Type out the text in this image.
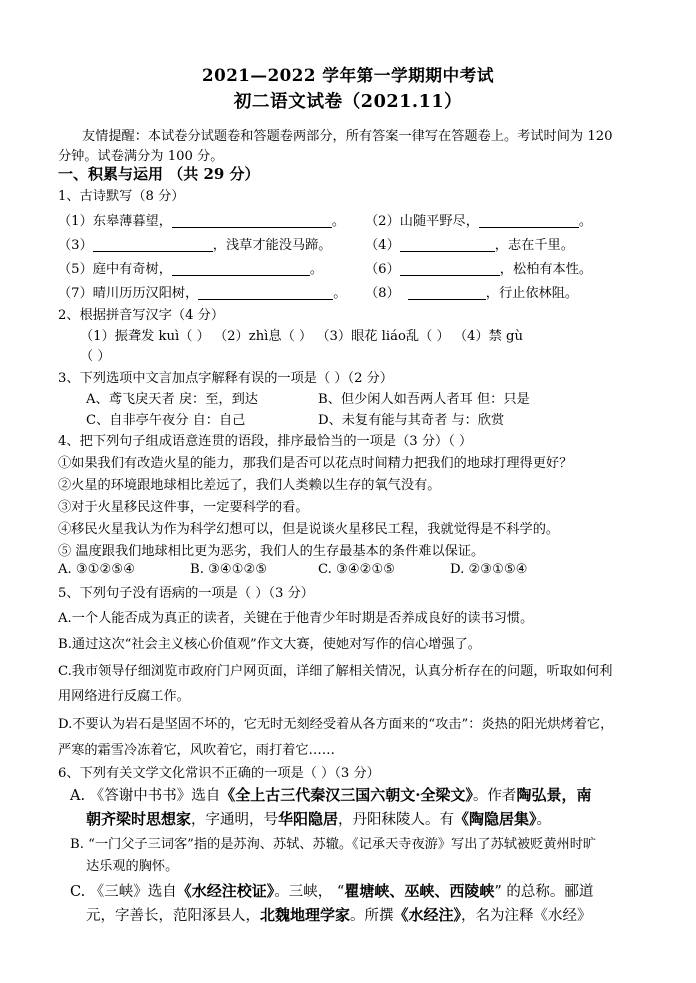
2021—2022 学年第一学期期中考试
初二语文试卷（2021.11）
友情提醒：本试卷分试题卷和答题卷两部分，所有答案一律写在答题卷上。考试时间为 120
分钟。试卷满分为 100 分。
一、积累与运用 （共 29 分）
1、古诗默写（8 分）
（1）东皋薄暮望，	。 （2）山随平野尽，	。
（3）	，浅草才能没马蹄。	（4）	，志在千里。
（5）庭中有奇树，	。	（6）	，松柏有本性。
（7）晴川历历汉阳树，	。 （8）	，行止依林阻。
2、根据拼音写汉字（4 分）
（1）振聋发 kuì（ ） （2）zhì息（ ） （3）眼花 liáo乱（ ） （4）禁 gù
（ ）
3、下列选项中文言加点字解释有误的一项是（ ）（2 分）
A、鸢飞戾天者 戾：至，到达	B、但少闲人如吾两人者耳 但：只是
C、自非亭午夜分 自：自己	D、未复有能与其奇者 与：欣赏
4、把下列句子组成语意连贯的语段，排序最恰当的一项是（3 分）（ ）
①如果我们有改造火星的能力，那我们是否可以花点时间精力把我们的地球打理得更好？
②火星的环境跟地球相比差远了，我们人类赖以生存的氧气没有。
③对于火星移民这件事，一定要科学的看。
④移民火星我认为作为科学幻想可以，但是说谈火星移民工程，我就觉得是不科学的。
⑤ 温度跟我们地球相比更为恶劣，我们人的生存最基本的条件难以保证。
A. ③①②⑤④	B. ③④①②⑤	C. ③④②①⑤	D. ②③①⑤④
5、下列句子没有语病的一项是（ ）（3 分）
A.一个人能否成为真正的读者，关键在于他青少年时期是否养成良好的读书习惯。
B.通过这次“社会主义核心价值观”作文大赛，使她对写作的信心增强了。
C.我市领导仔细浏览市政府门户网页面，详细了解相关情况，认真分析存在的问题，听取如何利
用网络进行反腐工作。
D.不要认为岩石是坚固不坏的，它无时无刻经受着从各方面来的“攻击”：炎热的阳光烘烤着它，
严寒的霜雪冷冻着它，风吹着它，雨打着它……
6、下列有关文学文化常识不正确的一项是（ ）（3 分）
A. 《答谢中书书》选自《全上古三代秦汉三国六朝文·全梁文》。作者陶弘景，南
朝齐梁时思想家，字通明，号华阳隐居，丹阳秣陵人。有《陶隐居集》。
B. “一门父子三词客”指的是苏洵、苏轼、苏辙。《记承天寺夜游》写出了苏轼被贬黄州时旷
达乐观的胸怀。
C. 《三峡》选自《水经注校证》。三峡， “瞿塘峡、巫峡、西陵峡” 的总称。郦道
元，字善长，范阳涿县人，北魏地理学家。所撰《水经注》，名为注释《水经》
